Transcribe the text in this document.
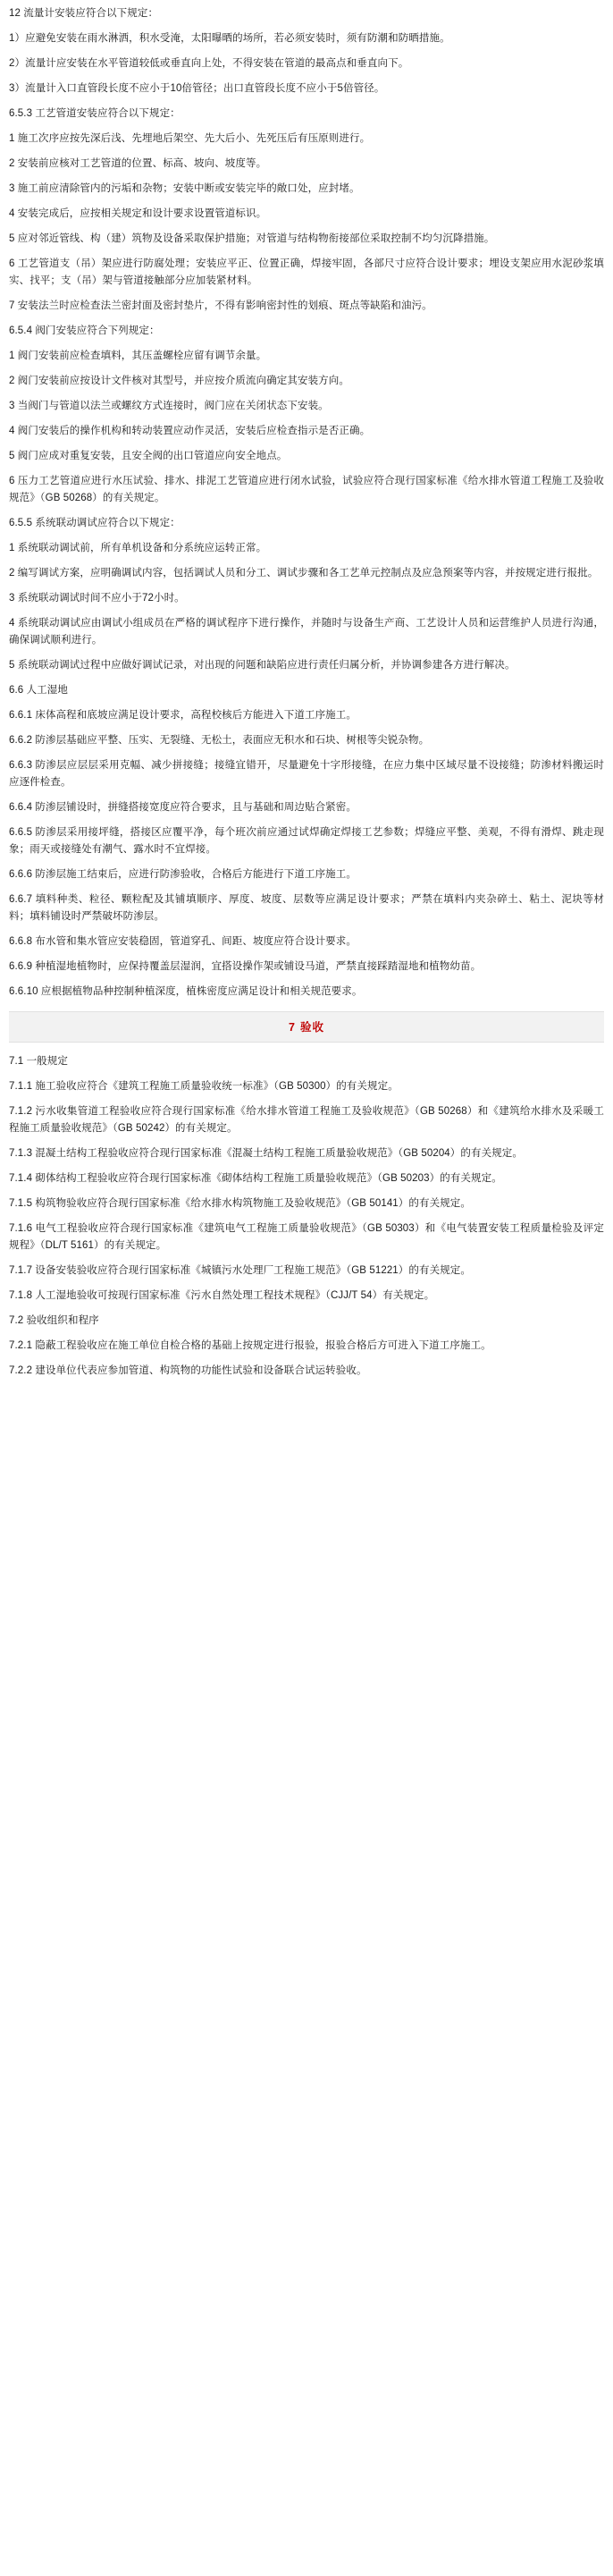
12 流量计安装应符合以下规定：

1）应避免安装在雨水淋洒，积水受淹，太阳曝晒的场所，若必须安装时，须有防潮和防晒措施。

2）流量计应安装在水平管道较低或垂直向上处，不得安装在管道的最高点和垂直向下。

3）流量计入口直管段长度不应小于10倍管径；出口直管段长度不应小于5倍管径。

6.5.3 工艺管道安装应符合以下规定：

1 施工次序应按先深后浅、先埋地后架空、先大后小、先死压后有压原则进行。

2 安装前应核对工艺管道的位置、标高、坡向、坡度等。

3 施工前应清除管内的污垢和杂物；安装中断或安装完毕的敞口处，应封堵。

4 安装完成后，应按相关规定和设计要求设置管道标识。

5 应对邻近管线、构（建）筑物及设备采取保护措施；对管道与结构物衔接部位采取控制不均匀沉降措施。

6 工艺管道支（吊）架应进行防腐处理；安装应平正、位置正确，焊接牢固，各部尺寸应符合设计要求；埋设支架应用水泥砂浆填实、找平；支（吊）架与管道接触部分应加装紧材料。

7 安装法兰时应检查法兰密封面及密封垫片，不得有影响密封性的划痕、斑点等缺陷和油污。

6.5.4 阀门安装应符合下列规定：

1 阀门安装前应检查填料，其压盖螺栓应留有调节余量。

2 阀门安装前应按设计文件核对其型号，并应按介质流向确定其安装方向。

3 当阀门与管道以法兰或螺纹方式连接时，阀门应在关闭状态下安装。

4 阀门安装后的操作机构和转动装置应动作灵活，安装后应检查指示是否正确。

5 阀门应成对重复安装，且安全阀的出口管道应向安全地点。

6 压力工艺管道应进行水压试验、排水、排泥工艺管道应进行闭水试验，试验应符合现行国家标准《给水排水管道工程施工及验收规范》（GB 50268）的有关规定。

6.5.5 系统联动调试应符合以下规定：

1 系统联动调试前，所有单机设备和分系统应运转正常。

2 编写调试方案，应明确调试内容，包括调试人员和分工、调试步骤和各工艺单元控制点及应急预案等内容，并按规定进行报批。

3 系统联动调试时间不应小于72小时。

4 系统联动调试应由调试小组成员在严格的调试程序下进行操作，并随时与设备生产商、工艺设计人员和运营维护人员进行沟通，确保调试顺利进行。

5 系统联动调试过程中应做好调试记录，对出现的问题和缺陷应进行责任归属分析，并协调参建各方进行解决。

6.6 人工湿地

6.6.1 床体高程和底坡应满足设计要求，高程校核后方能进入下道工序施工。

6.6.2 防渗层基础应平整、压实、无裂缝、无松土，表面应无积水和石块、树根等尖锐杂物。

6.6.3 防渗层应层层采用克幅、减少拼接缝；接缝宜错开，尽量避免十字形接缝，在应力集中区域尽量不设接缝；防渗材料搬运时应逐件检查。

6.6.4 防渗层铺设时，拼缝搭接宽度应符合要求，且与基础和周边贴合紧密。

6.6.5 防渗层采用接坪缝，搭接区应覆平净，每个班次前应通过试焊确定焊接工艺参数；焊缝应平整、美观，不得有滑焊、跳走现象；雨天或接缝处有潮气、露水时不宜焊接。

6.6.6 防渗层施工结束后，应进行防渗验收，合格后方能进行下道工序施工。

6.6.7 填料种类、粒径、颗粒配及其铺填顺序、厚度、坡度、层数等应满足设计要求；严禁在填料内夹杂碎土、粘土、泥块等材料；填料铺设时严禁破坏防渗层。

6.6.8 布水管和集水管应安装稳固，管道穿孔、间距、坡度应符合设计要求。

6.6.9 种植湿地植物时，应保持覆盖层湿润，宜搭设操作架或铺设马道，严禁直接踩踏湿地和植物幼苗。

6.6.10 应根据植物品种控制种植深度，植株密度应满足设计和相关规范要求。

7 验收

7.1 一般规定

7.1.1 施工验收应符合《建筑工程施工质量验收统一标准》（GB 50300）的有关规定。

7.1.2 污水收集管道工程验收应符合现行国家标准《给水排水管道工程施工及验收规范》（GB 50268）和《建筑给水排水及采暖工程施工质量验收规范》（GB 50242）的有关规定。

7.1.3 混凝土结构工程验收应符合现行国家标准《混凝土结构工程施工质量验收规范》（GB 50204）的有关规定。

7.1.4 砌体结构工程验收应符合现行国家标准《砌体结构工程施工质量验收规范》（GB 50203）的有关规定。

7.1.5 构筑物验收应符合现行国家标准《给水排水构筑物施工及验收规范》（GB 50141）的有关规定。

7.1.6 电气工程验收应符合现行国家标准《建筑电气工程施工质量验收规范》（GB 50303）和《电气装置安装工程质量检验及评定规程》（DL/T 5161）的有关规定。

7.1.7 设备安装验收应符合现行国家标准《城镇污水处理厂工程施工规范》（GB 51221）的有关规定。

7.1.8 人工湿地验收可按现行国家标准《污水自然处理工程技术规程》（CJJ/T 54）有关规定。

7.2 验收组织和程序

7.2.1 隐蔽工程验收应在施工单位自检合格的基础上按规定进行报验，报验合格后方可进入下道工序施工。

7.2.2 建设单位代表应参加管道、构筑物的功能性试验和设备联合试运转验收。
